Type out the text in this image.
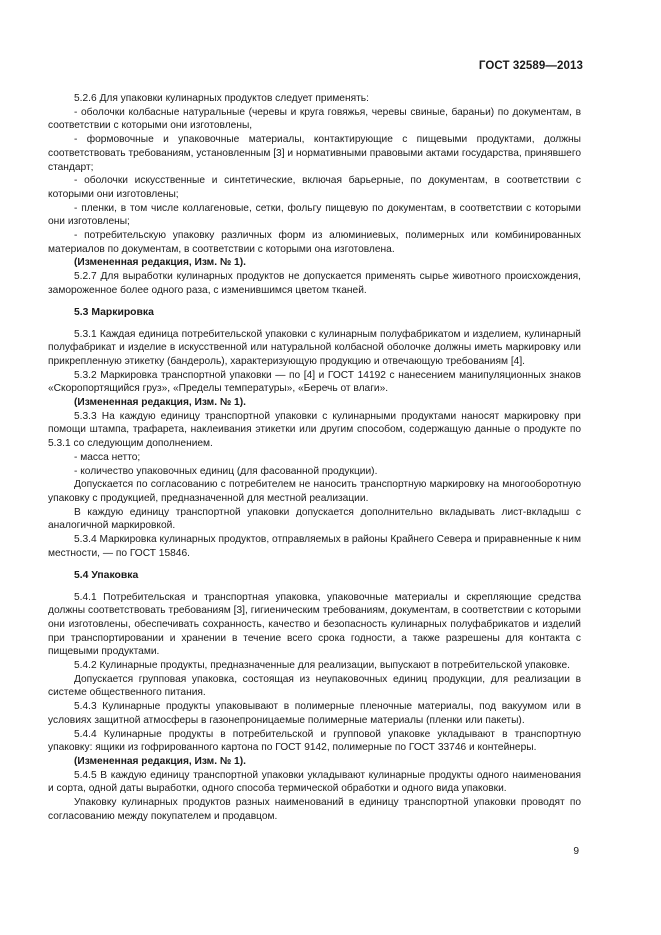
ГОСТ 32589—2013

5.2.6 Для упаковки кулинарных продуктов следует применять:

- оболочки колбасные натуральные (черевы и круга говяжья, черевы свиные, бараньи) по документам, в соответствии с которыми они изготовлены,

- формовочные и упаковочные материалы, контактирующие с пищевыми продуктами, должны соответствовать требованиям, установленным [3] и нормативными правовыми актами государства, принявшего стандарт;

- оболочки искусственные и синтетические, включая барьерные, по документам, в соответствии с которыми они изготовлены;

- пленки, в том числе коллагеновые, сетки, фольгу пищевую по документам, в соответствии с которыми они изготовлены;

- потребительскую упаковку различных форм из алюминиевых, полимерных или комбинированных материалов по документам, в соответствии с которыми она изготовлена.

(Измененная редакция, Изм. № 1).

5.2.7 Для выработки кулинарных продуктов не допускается применять сырье животного происхождения, замороженное более одного раза, с изменившимся цветом тканей.

5.3 Маркировка

5.3.1 Каждая единица потребительской упаковки с кулинарным полуфабрикатом и изделием, кулинарный полуфабрикат и изделие в искусственной или натуральной колбасной оболочке должны иметь маркировку или прикрепленную этикетку (бандероль), характеризующую продукцию и отвечающую требованиям [4].

5.3.2 Маркировка транспортной упаковки — по [4] и ГОСТ 14192 с нанесением манипуляционных знаков «Скоропортящийся груз», «Пределы температуры», «Беречь от влаги».

(Измененная редакция, Изм. № 1).

5.3.3 На каждую единицу транспортной упаковки с кулинарными продуктами наносят маркировку при помощи штампа, трафарета, наклеивания этикетки или другим способом, содержащую данные о продукте по 5.3.1 со следующим дополнением.

- масса нетто;

- количество упаковочных единиц (для фасованной продукции).

Допускается по согласованию с потребителем не наносить транспортную маркировку на многооборотную упаковку с продукцией, предназначенной для местной реализации.

В каждую единицу транспортной упаковки допускается дополнительно вкладывать лист-вкладыш с аналогичной маркировкой.

5.3.4 Маркировка кулинарных продуктов, отправляемых в районы Крайнего Севера и приравненные к ним местности, — по ГОСТ 15846.

5.4 Упаковка

5.4.1 Потребительская и транспортная упаковка, упаковочные материалы и скрепляющие средства должны соответствовать требованиям [3], гигиеническим требованиям, документам, в соответствии с которыми они изготовлены, обеспечивать сохранность, качество и безопасность кулинарных полуфабрикатов и изделий при транспортировании и хранении в течение всего срока годности, а также разрешены для контакта с пищевыми продуктами.

5.4.2 Кулинарные продукты, предназначенные для реализации, выпускают в потребительской упаковке.

Допускается групповая упаковка, состоящая из неупаковочных единиц продукции, для реализации в системе общественного питания.

5.4.3 Кулинарные продукты упаковывают в полимерные пленочные материалы, под вакуумом или в условиях защитной атмосферы в газонепроницаемые полимерные материалы (пленки или пакеты).

5.4.4 Кулинарные продукты в потребительской и групповой упаковке укладывают в транспортную упаковку: ящики из гофрированного картона по ГОСТ 9142, полимерные по ГОСТ 33746 и контейнеры.

(Измененная редакция, Изм. № 1).

5.4.5 В каждую единицу транспортной упаковки укладывают кулинарные продукты одного наименования и сорта, одной даты выработки, одного способа термической обработки и одного вида упаковки.

Упаковку кулинарных продуктов разных наименований в единицу транспортной упаковки проводят по согласованию между покупателем и продавцом.

9
